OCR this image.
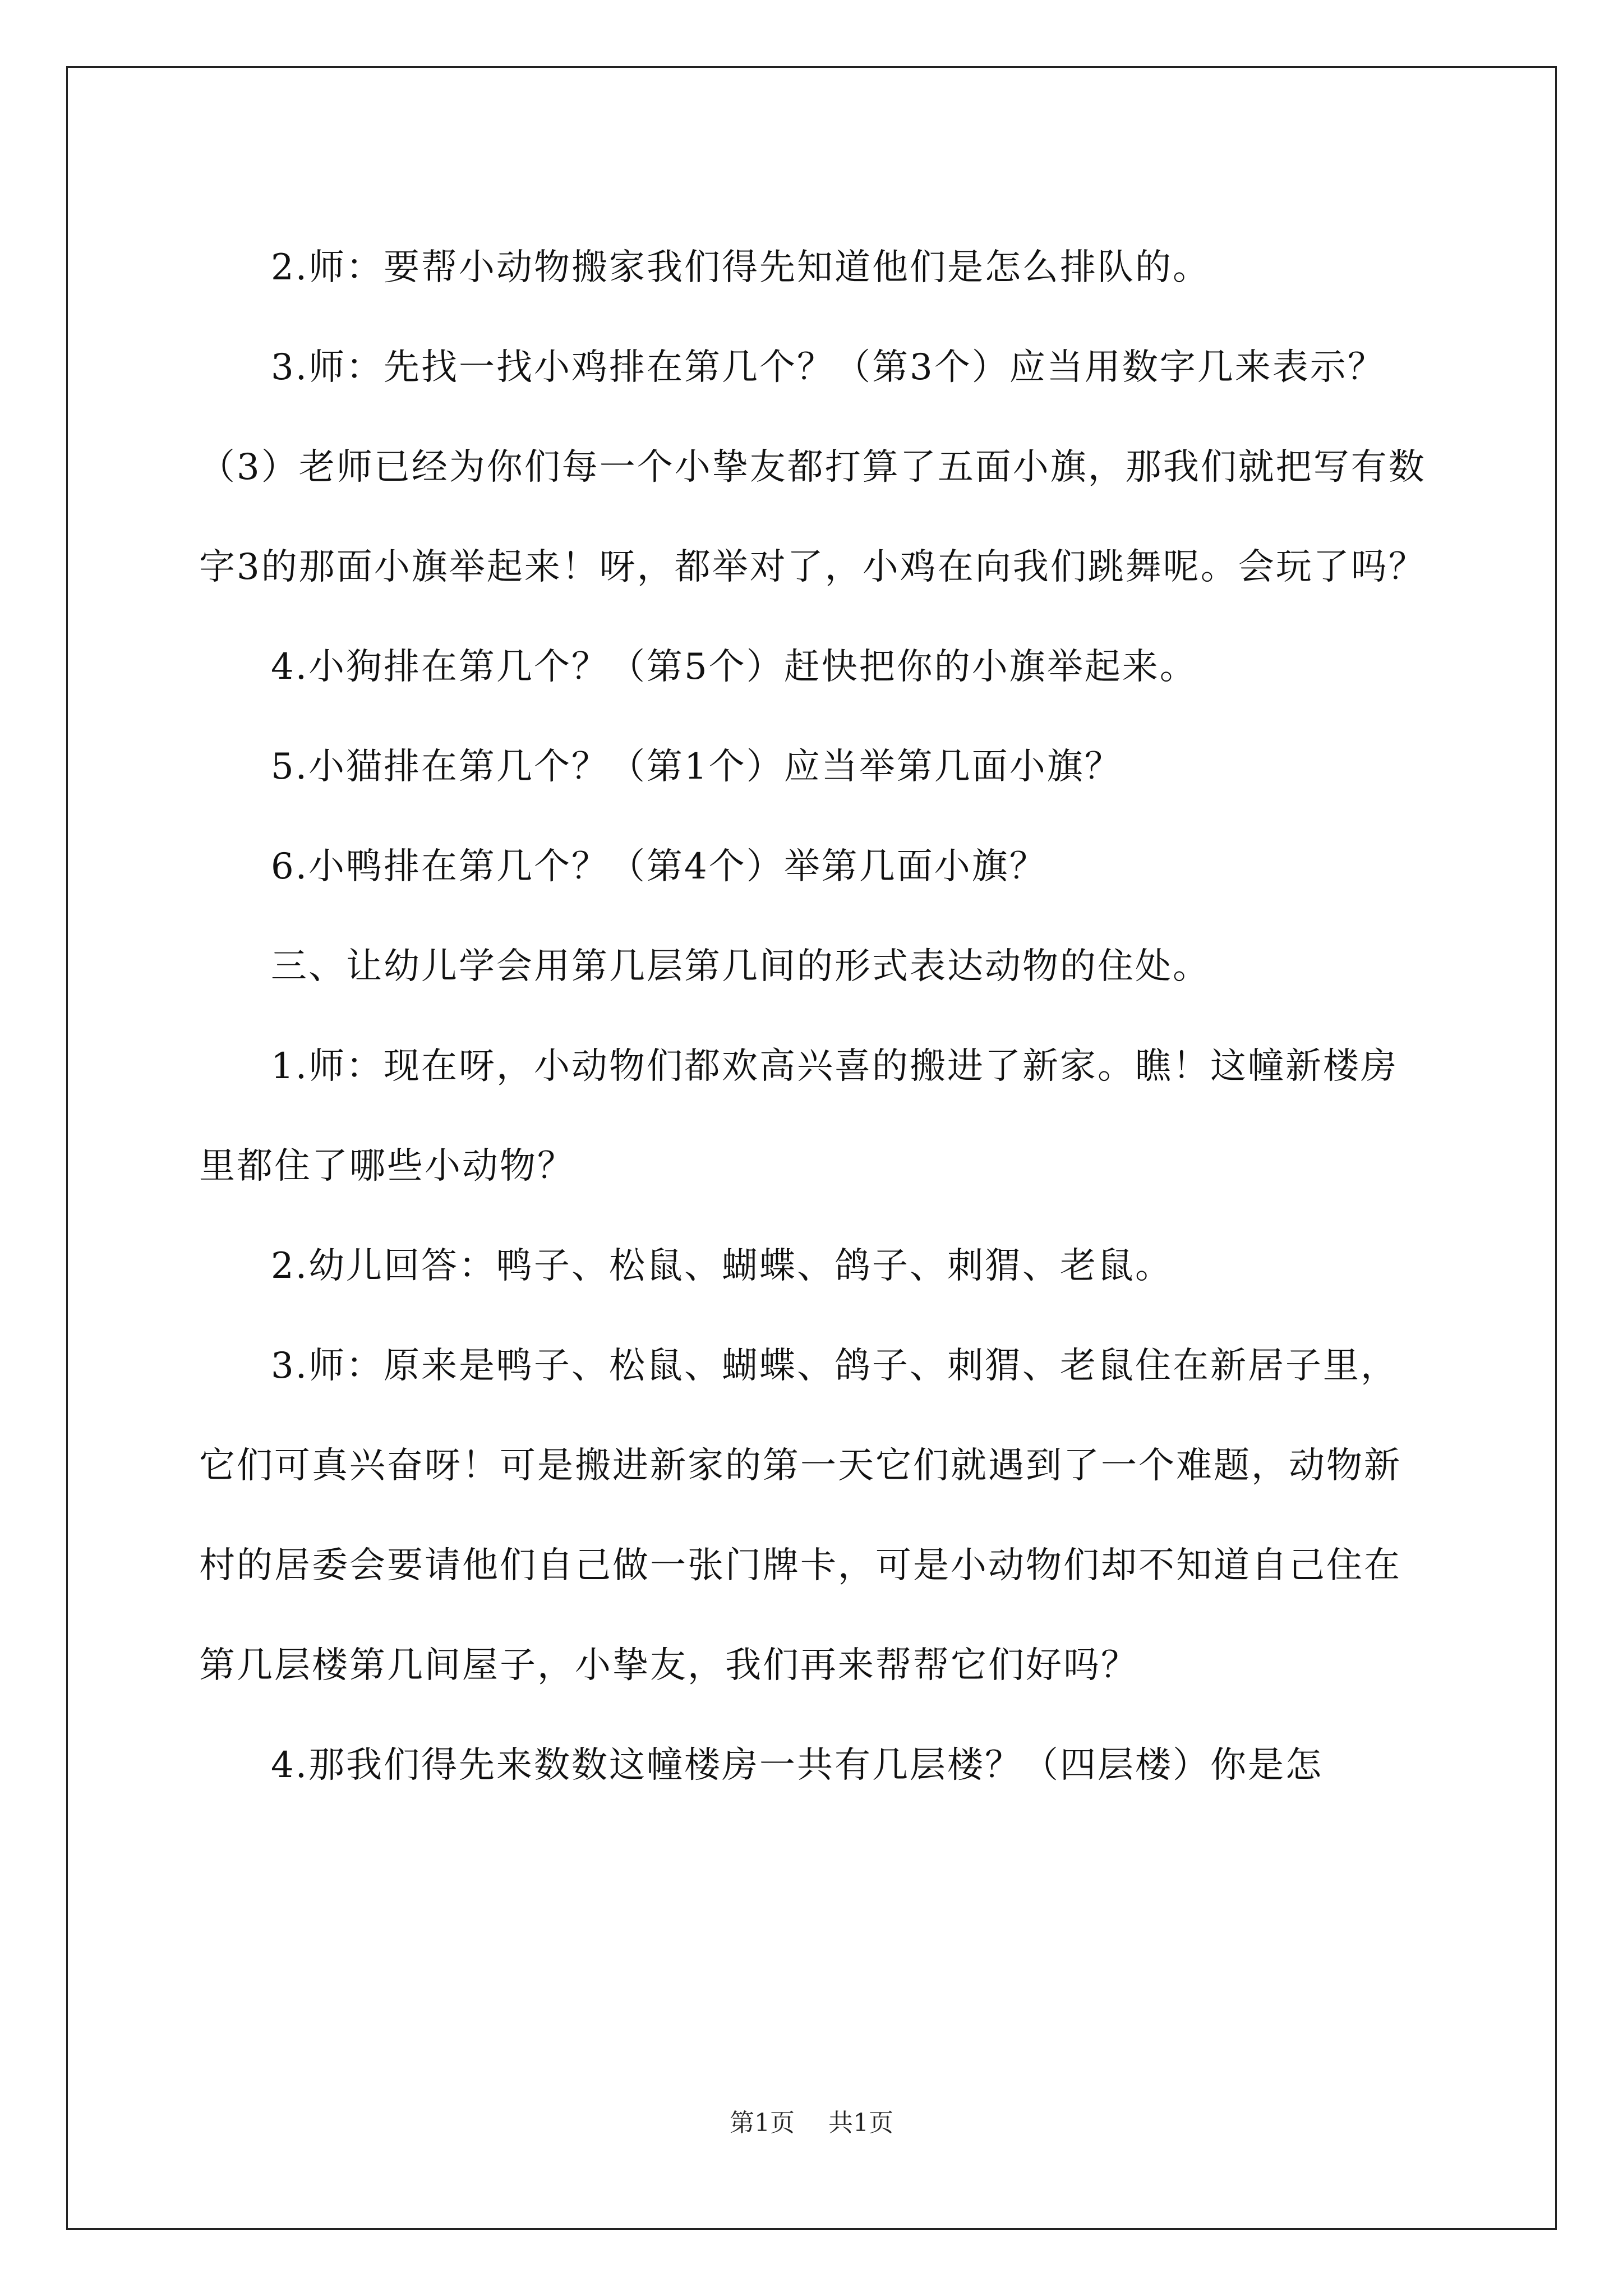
2.师：要帮小动物搬家我们得先知道他们是怎么排队的。

3.师：先找一找小鸡排在第几个？（第3个）应当用数字几来表示？（3）老师已经为你们每一个小挚友都打算了五面小旗，那我们就把写有数字3的那面小旗举起来！呀，都举对了，小鸡在向我们跳舞呢。会玩了吗？

4.小狗排在第几个？（第5个）赶快把你的小旗举起来。

5.小猫排在第几个？（第1个）应当举第几面小旗？

6.小鸭排在第几个？（第4个）举第几面小旗？

三、让幼儿学会用第几层第几间的形式表达动物的住处。

1.师：现在呀，小动物们都欢高兴喜的搬进了新家。瞧！这幢新楼房里都住了哪些小动物？

2.幼儿回答：鸭子、松鼠、蝴蝶、鸽子、刺猬、老鼠。

3.师：原来是鸭子、松鼠、蝴蝶、鸽子、刺猬、老鼠住在新居子里，它们可真兴奋呀！可是搬进新家的第一天它们就遇到了一个难题，动物新村的居委会要请他们自己做一张门牌卡，可是小动物们却不知道自己住在第几层楼第几间屋子，小挚友，我们再来帮帮它们好吗？

4.那我们得先来数数这幢楼房一共有几层楼？（四层楼）你是怎

第1页 共1页
